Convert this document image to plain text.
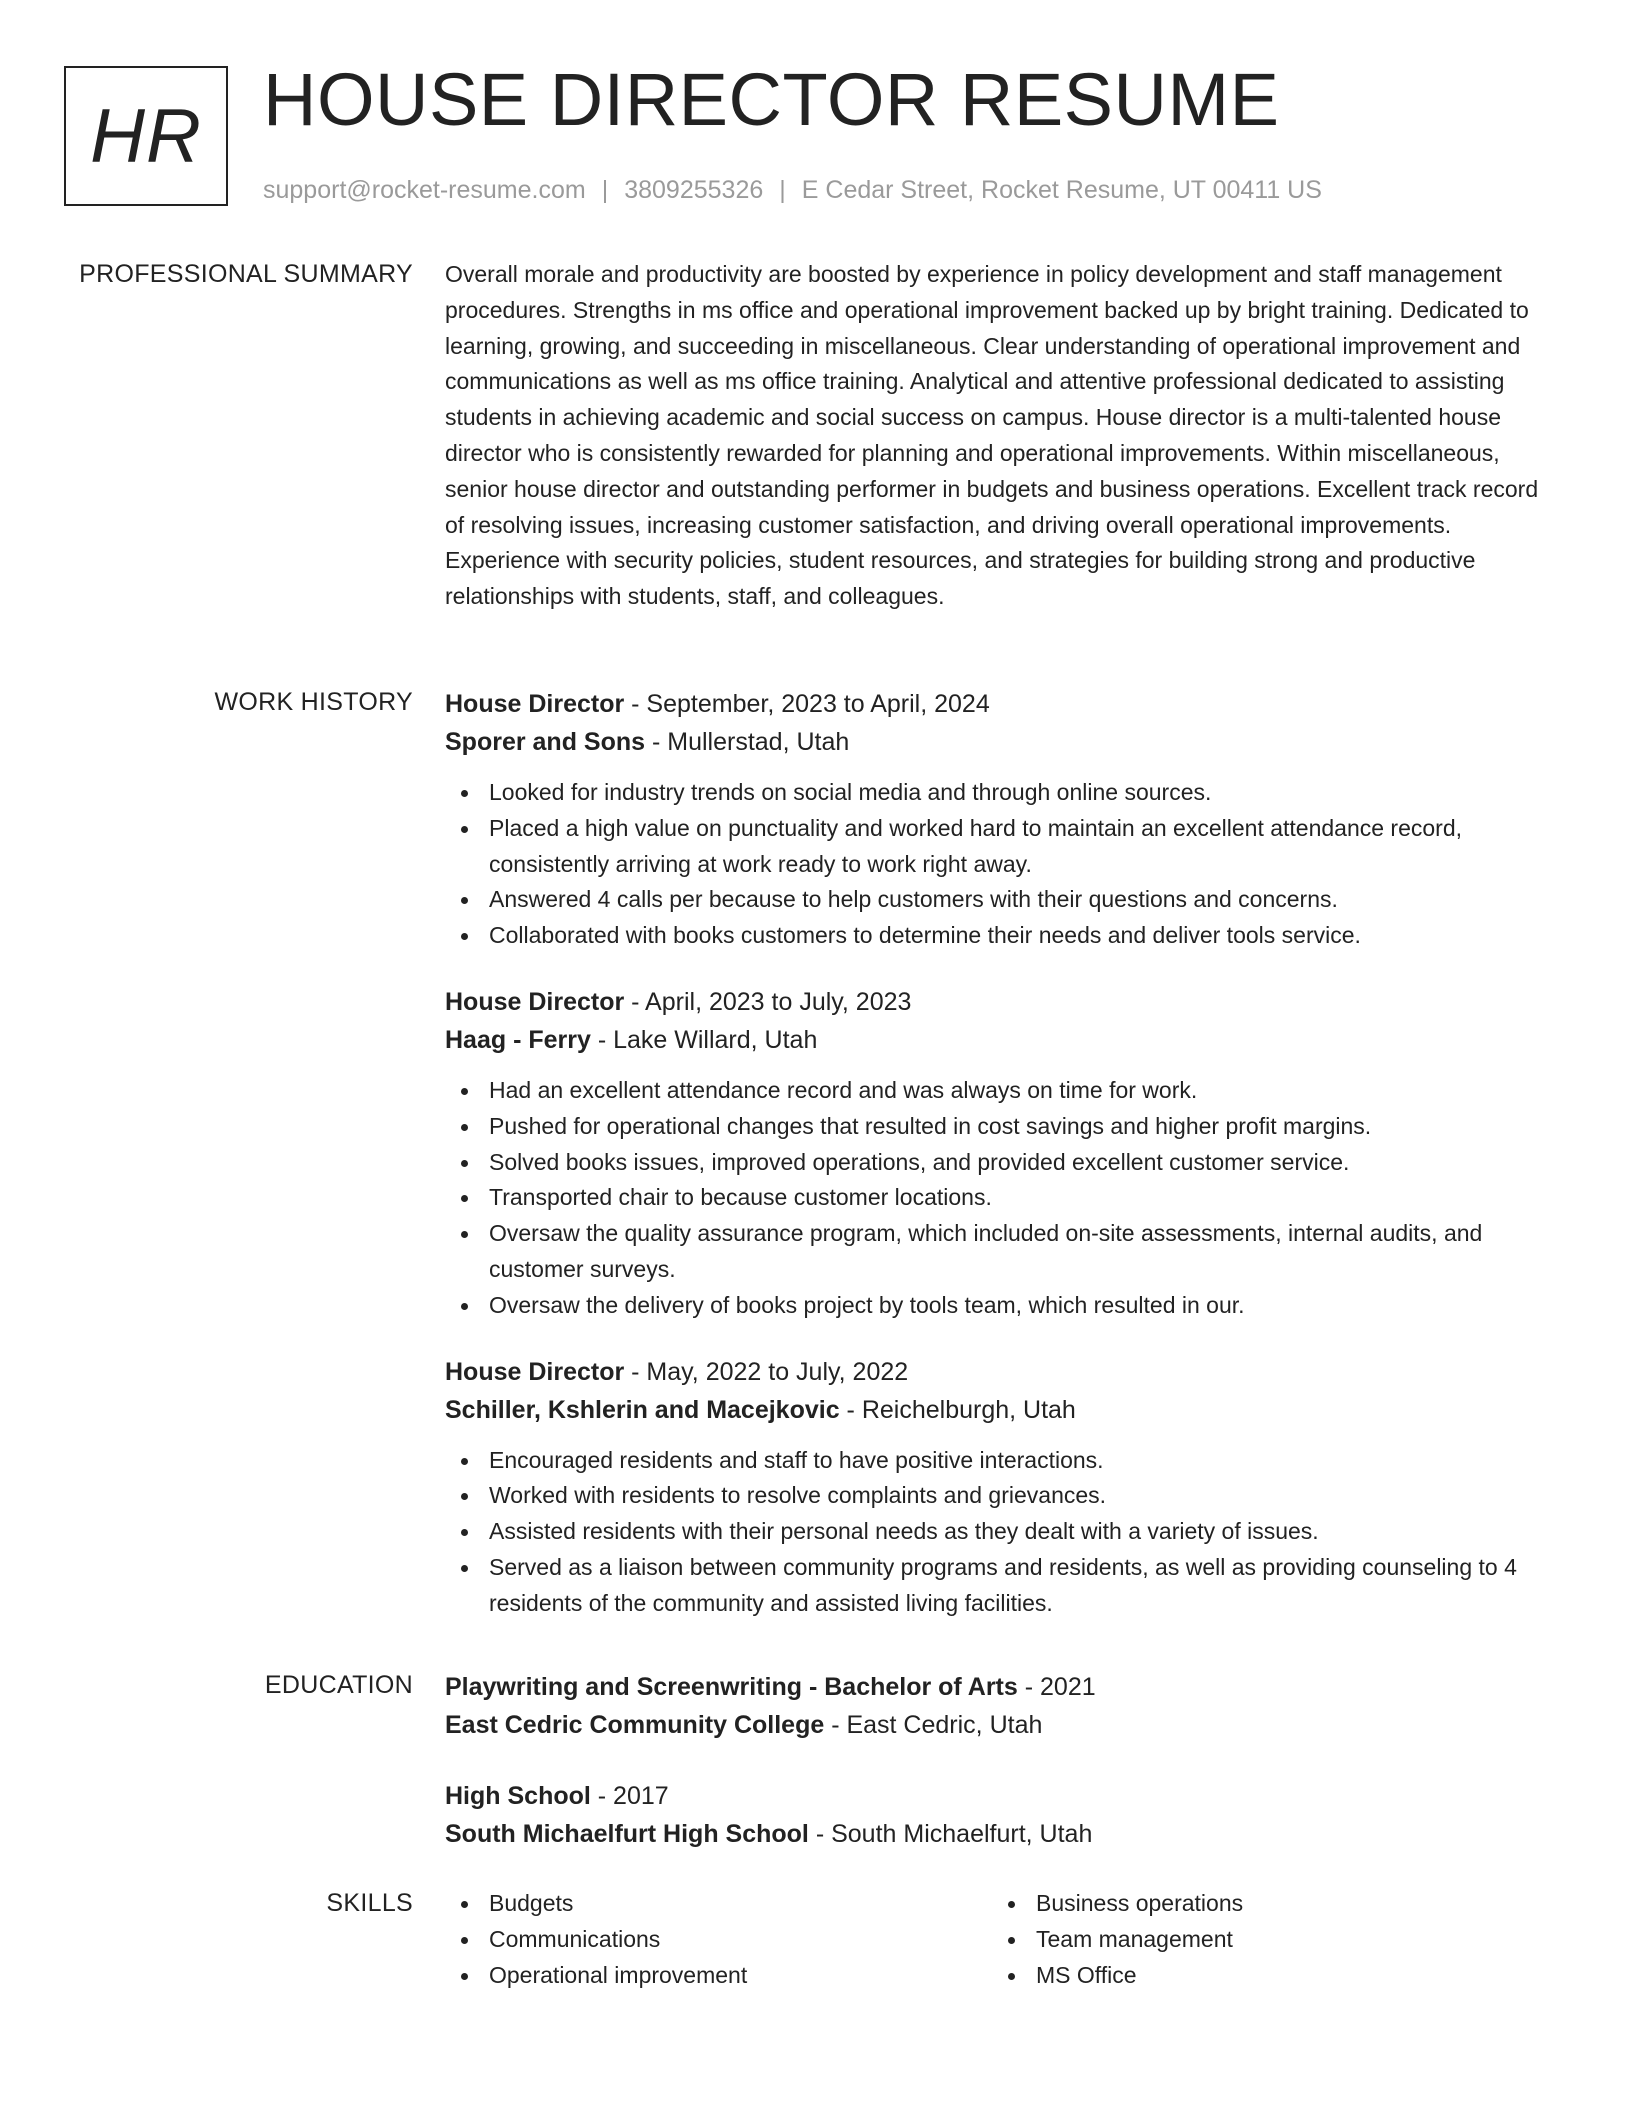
HR HOUSE DIRECTOR RESUME
support@rocket-resume.com | 3809255326 | E Cedar Street, Rocket Resume, UT 00411 US
PROFESSIONAL SUMMARY Overall morale and productivity are boosted by experience in policy development and staff management procedures. Strengths in ms office and operational improvement backed up by bright training. Dedicated to learning, growing, and succeeding in miscellaneous. Clear understanding of operational improvement and communications as well as ms office training. Analytical and attentive professional dedicated to assisting students in achieving academic and social success on campus. House director is a multi-talented house director who is consistently rewarded for planning and operational improvements. Within miscellaneous, senior house director and outstanding performer in budgets and business operations. Excellent track record of resolving issues, increasing customer satisfaction, and driving overall operational improvements. Experience with security policies, student resources, and strategies for building strong and productive relationships with students, staff, and colleagues.

WORK HISTORY House Director - September, 2023 to April, 2024
Sporer and Sons - Mullerstad, Utah
Looked for industry trends on social media and through online sources.
Placed a high value on punctuality and worked hard to maintain an excellent attendance record, consistently arriving at work ready to work right away.
Answered 4 calls per because to help customers with their questions and concerns.
Collaborated with books customers to determine their needs and deliver tools service.
House Director - April, 2023 to July, 2023
Haag - Ferry - Lake Willard, Utah
Had an excellent attendance record and was always on time for work.
Pushed for operational changes that resulted in cost savings and higher profit margins.
Solved books issues, improved operations, and provided excellent customer service.
Transported chair to because customer locations.
Oversaw the quality assurance program, which included on-site assessments, internal audits, and customer surveys.
Oversaw the delivery of books project by tools team, which resulted in our.
House Director - May, 2022 to July, 2022
Schiller, Kshlerin and Macejkovic - Reichelburgh, Utah
Encouraged residents and staff to have positive interactions.
Worked with residents to resolve complaints and grievances.
Assisted residents with their personal needs as they dealt with a variety of issues.
Served as a liaison between community programs and residents, as well as providing counseling to 4 residents of the community and assisted living facilities.
EDUCATION Playwriting and Screenwriting - Bachelor of Arts - 2021
East Cedric Community College - East Cedric, Utah
High School - 2017
South Michaelfurt High School - South Michaelfurt, Utah
SKILLS	Budgets
Communications
Operational improvement
Business operations
Team management
MS Office
